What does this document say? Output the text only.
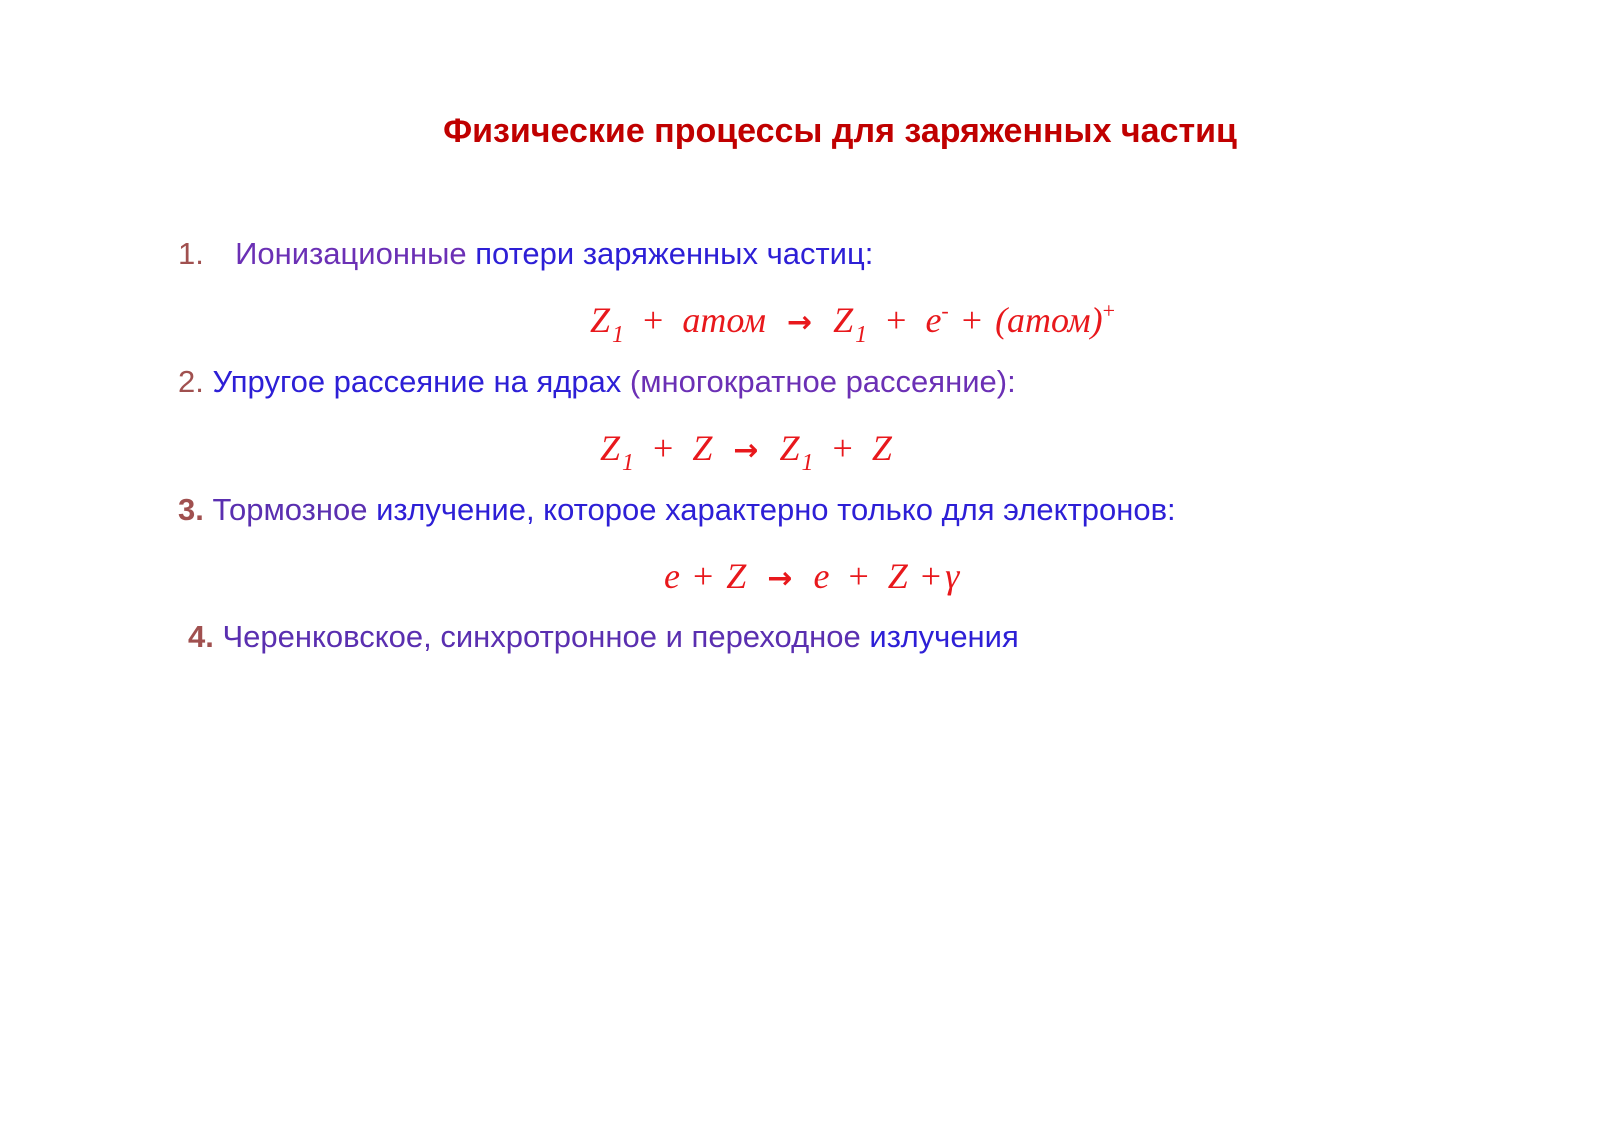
Физические процессы для заряженных частиц
1. Ионизационные потери заряженных частиц:
$Z_1$ + атом → $Z_1 + e^-$ + (атом)+
2. Упругое рассеяние на ядрах (многократное рассеяние):
$Z_1 + Z \to Z_1 + Z$
3. Тормозное излучение, которое характерно только для электронов:
e + Z → e + Z + γ
4. Черенковское, синхротронное и переходное излучения
